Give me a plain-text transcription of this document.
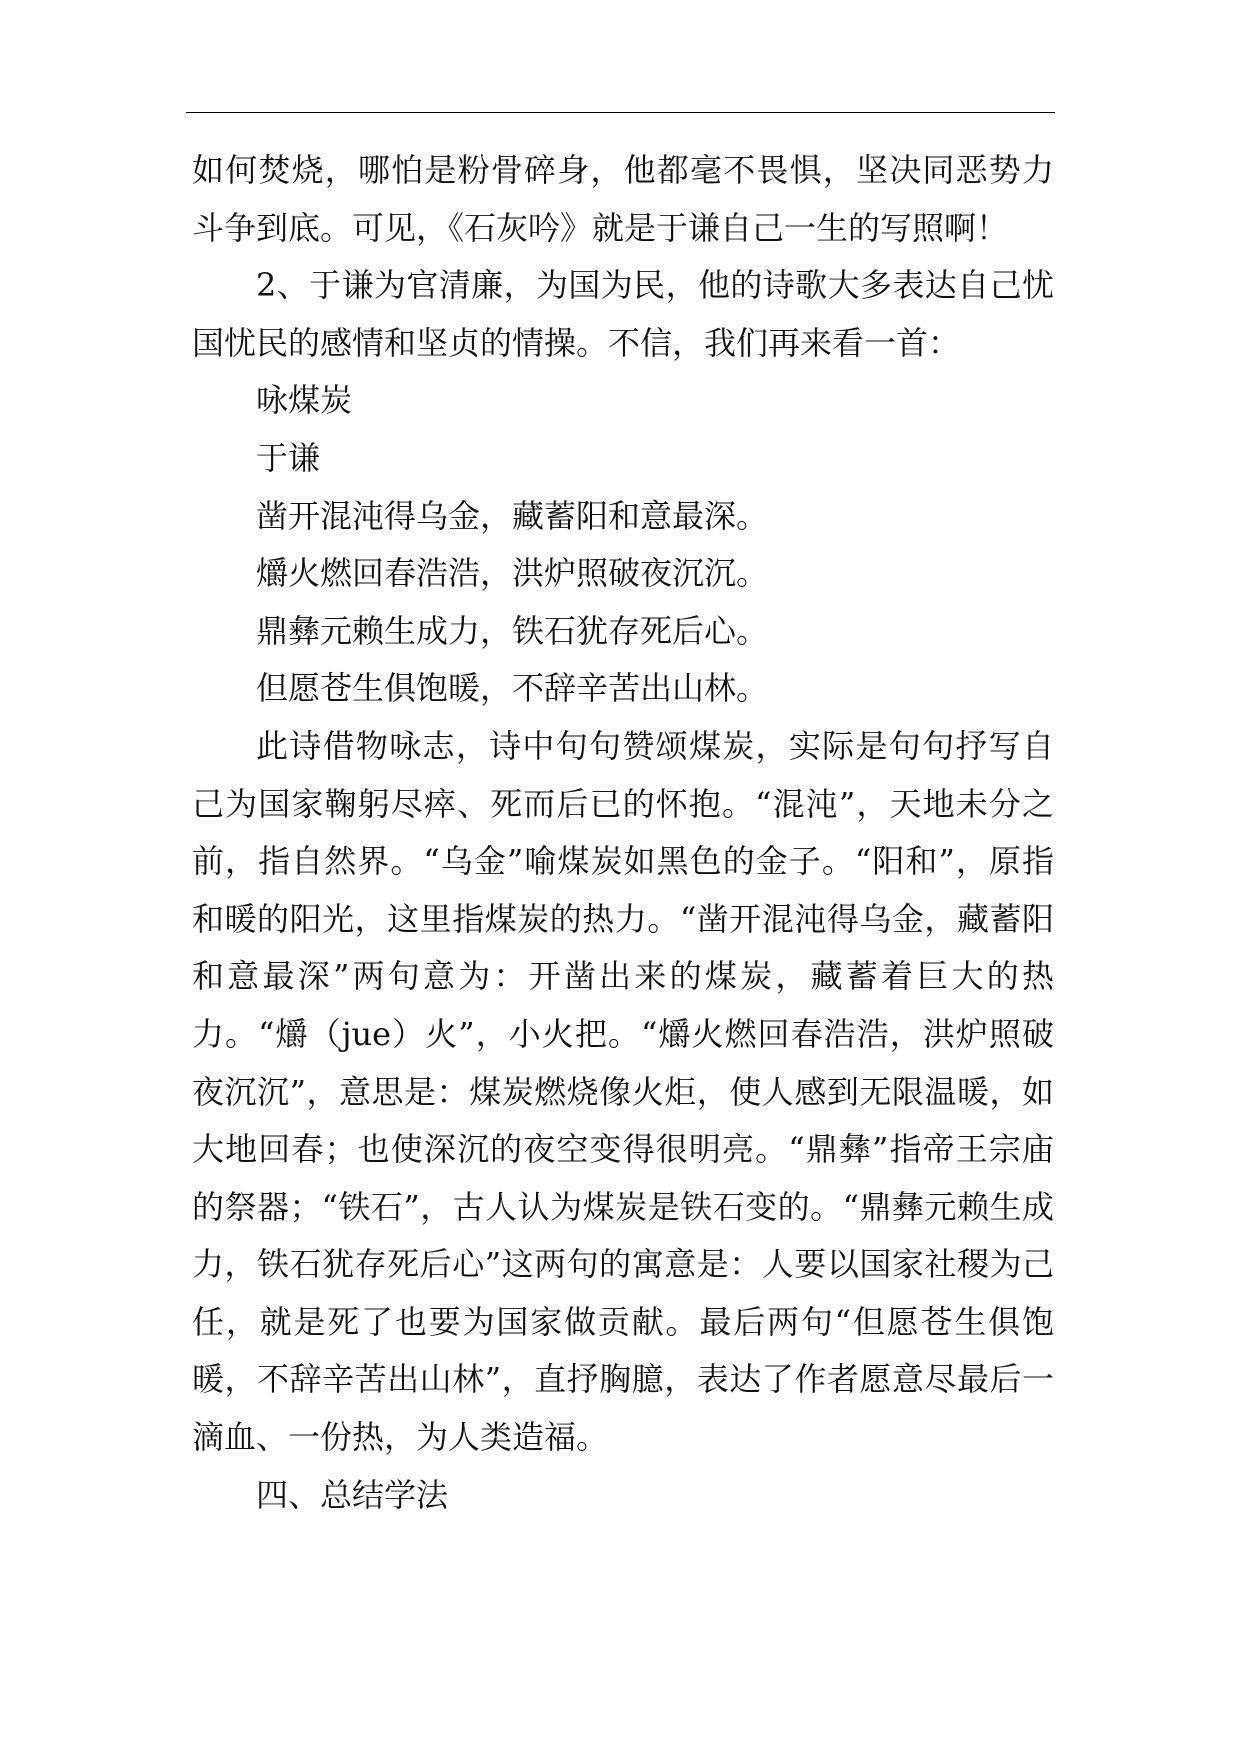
如何焚烧，哪怕是粉骨碎身，他都毫不畏惧，坚决同恶势力

斗争到底。可见，《石灰吟》就是于谦自己一生的写照啊！

2、于谦为官清廉，为国为民，他的诗歌大多表达自己忧国忧民的感情和坚贞的情操。不信，我们再来看一首：

咏煤炭

于谦

凿开混沌得乌金，藏蓄阳和意最深。

爝火燃回春浩浩，洪炉照破夜沉沉。

鼎彝元赖生成力，铁石犹存死后心。

但愿苍生俱饱暖，不辞辛苦出山林。

此诗借物咏志，诗中句句赞颂煤炭，实际是句句抒写自己为国家鞠躬尽瘁、死而后已的怀抱。“混沌”，天地未分之前，指自然界。“乌金”喻煤炭如黑色的金子。“阳和”，原指和暖的阳光，这里指煤炭的热力。“凿开混沌得乌金，藏蓄阳和意最深”两句意为：开凿出来的煤炭，藏蓄着巨大的热力。“爝（jue）火”，小火把。“爝火燃回春浩浩，洪炉照破夜沉沉”，意思是：煤炭燃烧像火炬，使人感到无限温暖，如大地回春；也使深沉的夜空变得很明亮。“鼎彝”指帝王宗庙的祭器；“铁石”，古人认为煤炭是铁石变的。“鼎彝元赖生成力，铁石犹存死后心”这两句的寓意是：人要以国家社稷为己任，就是死了也要为国家做贡献。最后两句“但愿苍生俱饱暖，不辞辛苦出山林”，直抒胸臆，表达了作者愿意尽最后一滴血、一份热，为人类造福。

四、总结学法
